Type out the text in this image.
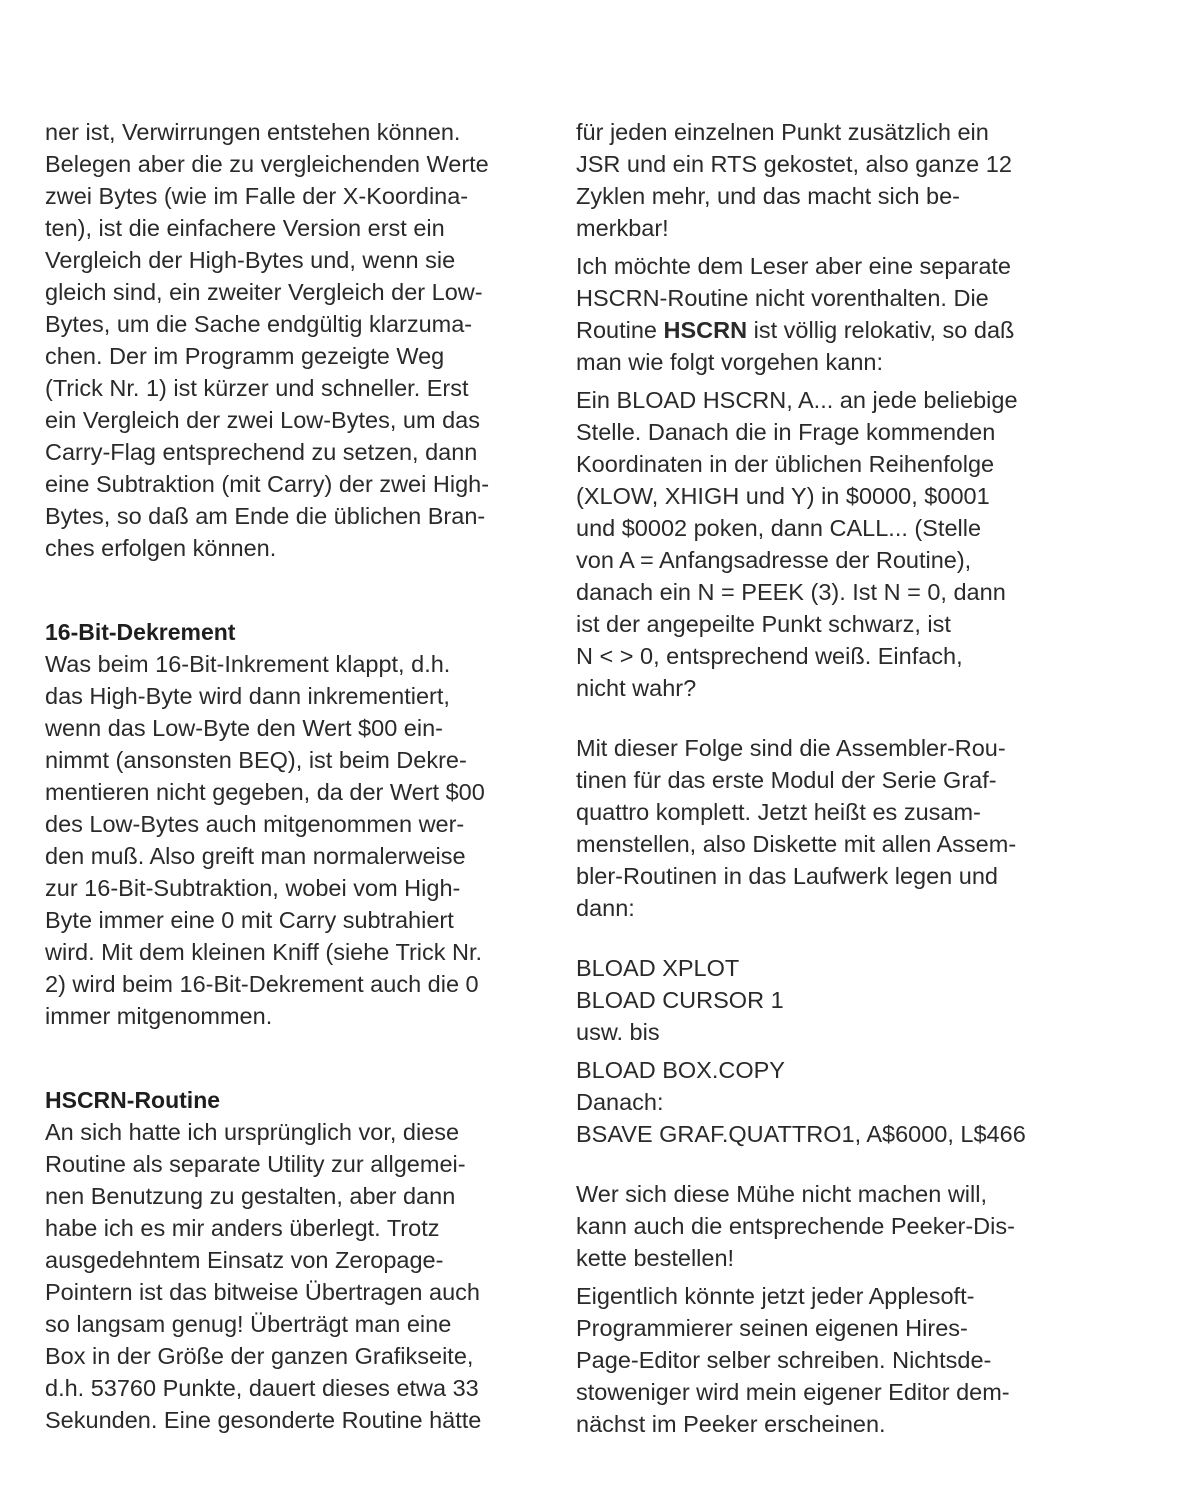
ner ist, Verwirrungen entstehen können.
Belegen aber die zu vergleichenden Werte
zwei Bytes (wie im Falle der X-Koordina-
ten), ist die einfachere Version erst ein
Vergleich der High-Bytes und, wenn sie
gleich sind, ein zweiter Vergleich der Low-
Bytes, um die Sache endgültig klarzuma-
chen. Der im Programm gezeigte Weg
(Trick Nr. 1) ist kürzer und schneller. Erst
ein Vergleich der zwei Low-Bytes, um das
Carry-Flag entsprechend zu setzen, dann
eine Subtraktion (mit Carry) der zwei High-
Bytes, so daß am Ende die üblichen Bran-
ches erfolgen können.

16-Bit-Dekrement

Was beim 16-Bit-Inkrement klappt, d.h.
das High-Byte wird dann inkrementiert,
wenn das Low-Byte den Wert $00 ein-
nimmt (ansonsten BEQ), ist beim Dekre-
mentieren nicht gegeben, da der Wert $00
des Low-Bytes auch mitgenommen wer-
den muß. Also greift man normalerweise
zur 16-Bit-Subtraktion, wobei vom High-
Byte immer eine 0 mit Carry subtrahiert
wird. Mit dem kleinen Kniff (siehe Trick Nr.
2) wird beim 16-Bit-Dekrement auch die 0
immer mitgenommen.

HSCRN-Routine

An sich hatte ich ursprünglich vor, diese
Routine als separate Utility zur allgemei-
nen Benutzung zu gestalten, aber dann
habe ich es mir anders überlegt. Trotz
ausgedehntem Einsatz von Zeropage-
Pointern ist das bitweise Übertragen auch
so langsam genug! Überträgt man eine
Box in der Größe der ganzen Grafikseite,
d.h. 53760 Punkte, dauert dieses etwa 33
Sekunden. Eine gesonderte Routine hätte

für jeden einzelnen Punkt zusätzlich ein
JSR und ein RTS gekostet, also ganze 12
Zyklen mehr, und das macht sich be-
merkbar!

Ich möchte dem Leser aber eine separate
HSCRN-Routine nicht vorenthalten. Die
Routine HSCRN ist völlig relokativ, so daß
man wie folgt vorgehen kann:

Ein BLOAD HSCRN, A... an jede beliebige
Stelle. Danach die in Frage kommenden
Koordinaten in der üblichen Reihenfolge
(XLOW, XHIGH und Y) in $0000, $0001
und $0002 poken, dann CALL... (Stelle
von A = Anfangsadresse der Routine),
danach ein N = PEEK (3). Ist N = 0, dann
ist der angepeilte Punkt schwarz, ist
N < > 0, entsprechend weiß. Einfach,
nicht wahr?

Mit dieser Folge sind die Assembler-Rou-
tinen für das erste Modul der Serie Graf-
quattro komplett. Jetzt heißt es zusam-
menstellen, also Diskette mit allen Assem-
bler-Routinen in das Laufwerk legen und
dann:

BLOAD XPLOT
BLOAD CURSOR 1
usw. bis

BLOAD BOX.COPY
Danach:
BSAVE GRAF.QUATTRO1, A$6000, L$466

Wer sich diese Mühe nicht machen will,
kann auch die entsprechende Peeker-Dis-
kette bestellen!

Eigentlich könnte jetzt jeder Applesoft-
Programmierer seinen eigenen Hires-
Page-Editor selber schreiben. Nichtsde-
stoweniger wird mein eigener Editor dem-
nächst im Peeker erscheinen.
